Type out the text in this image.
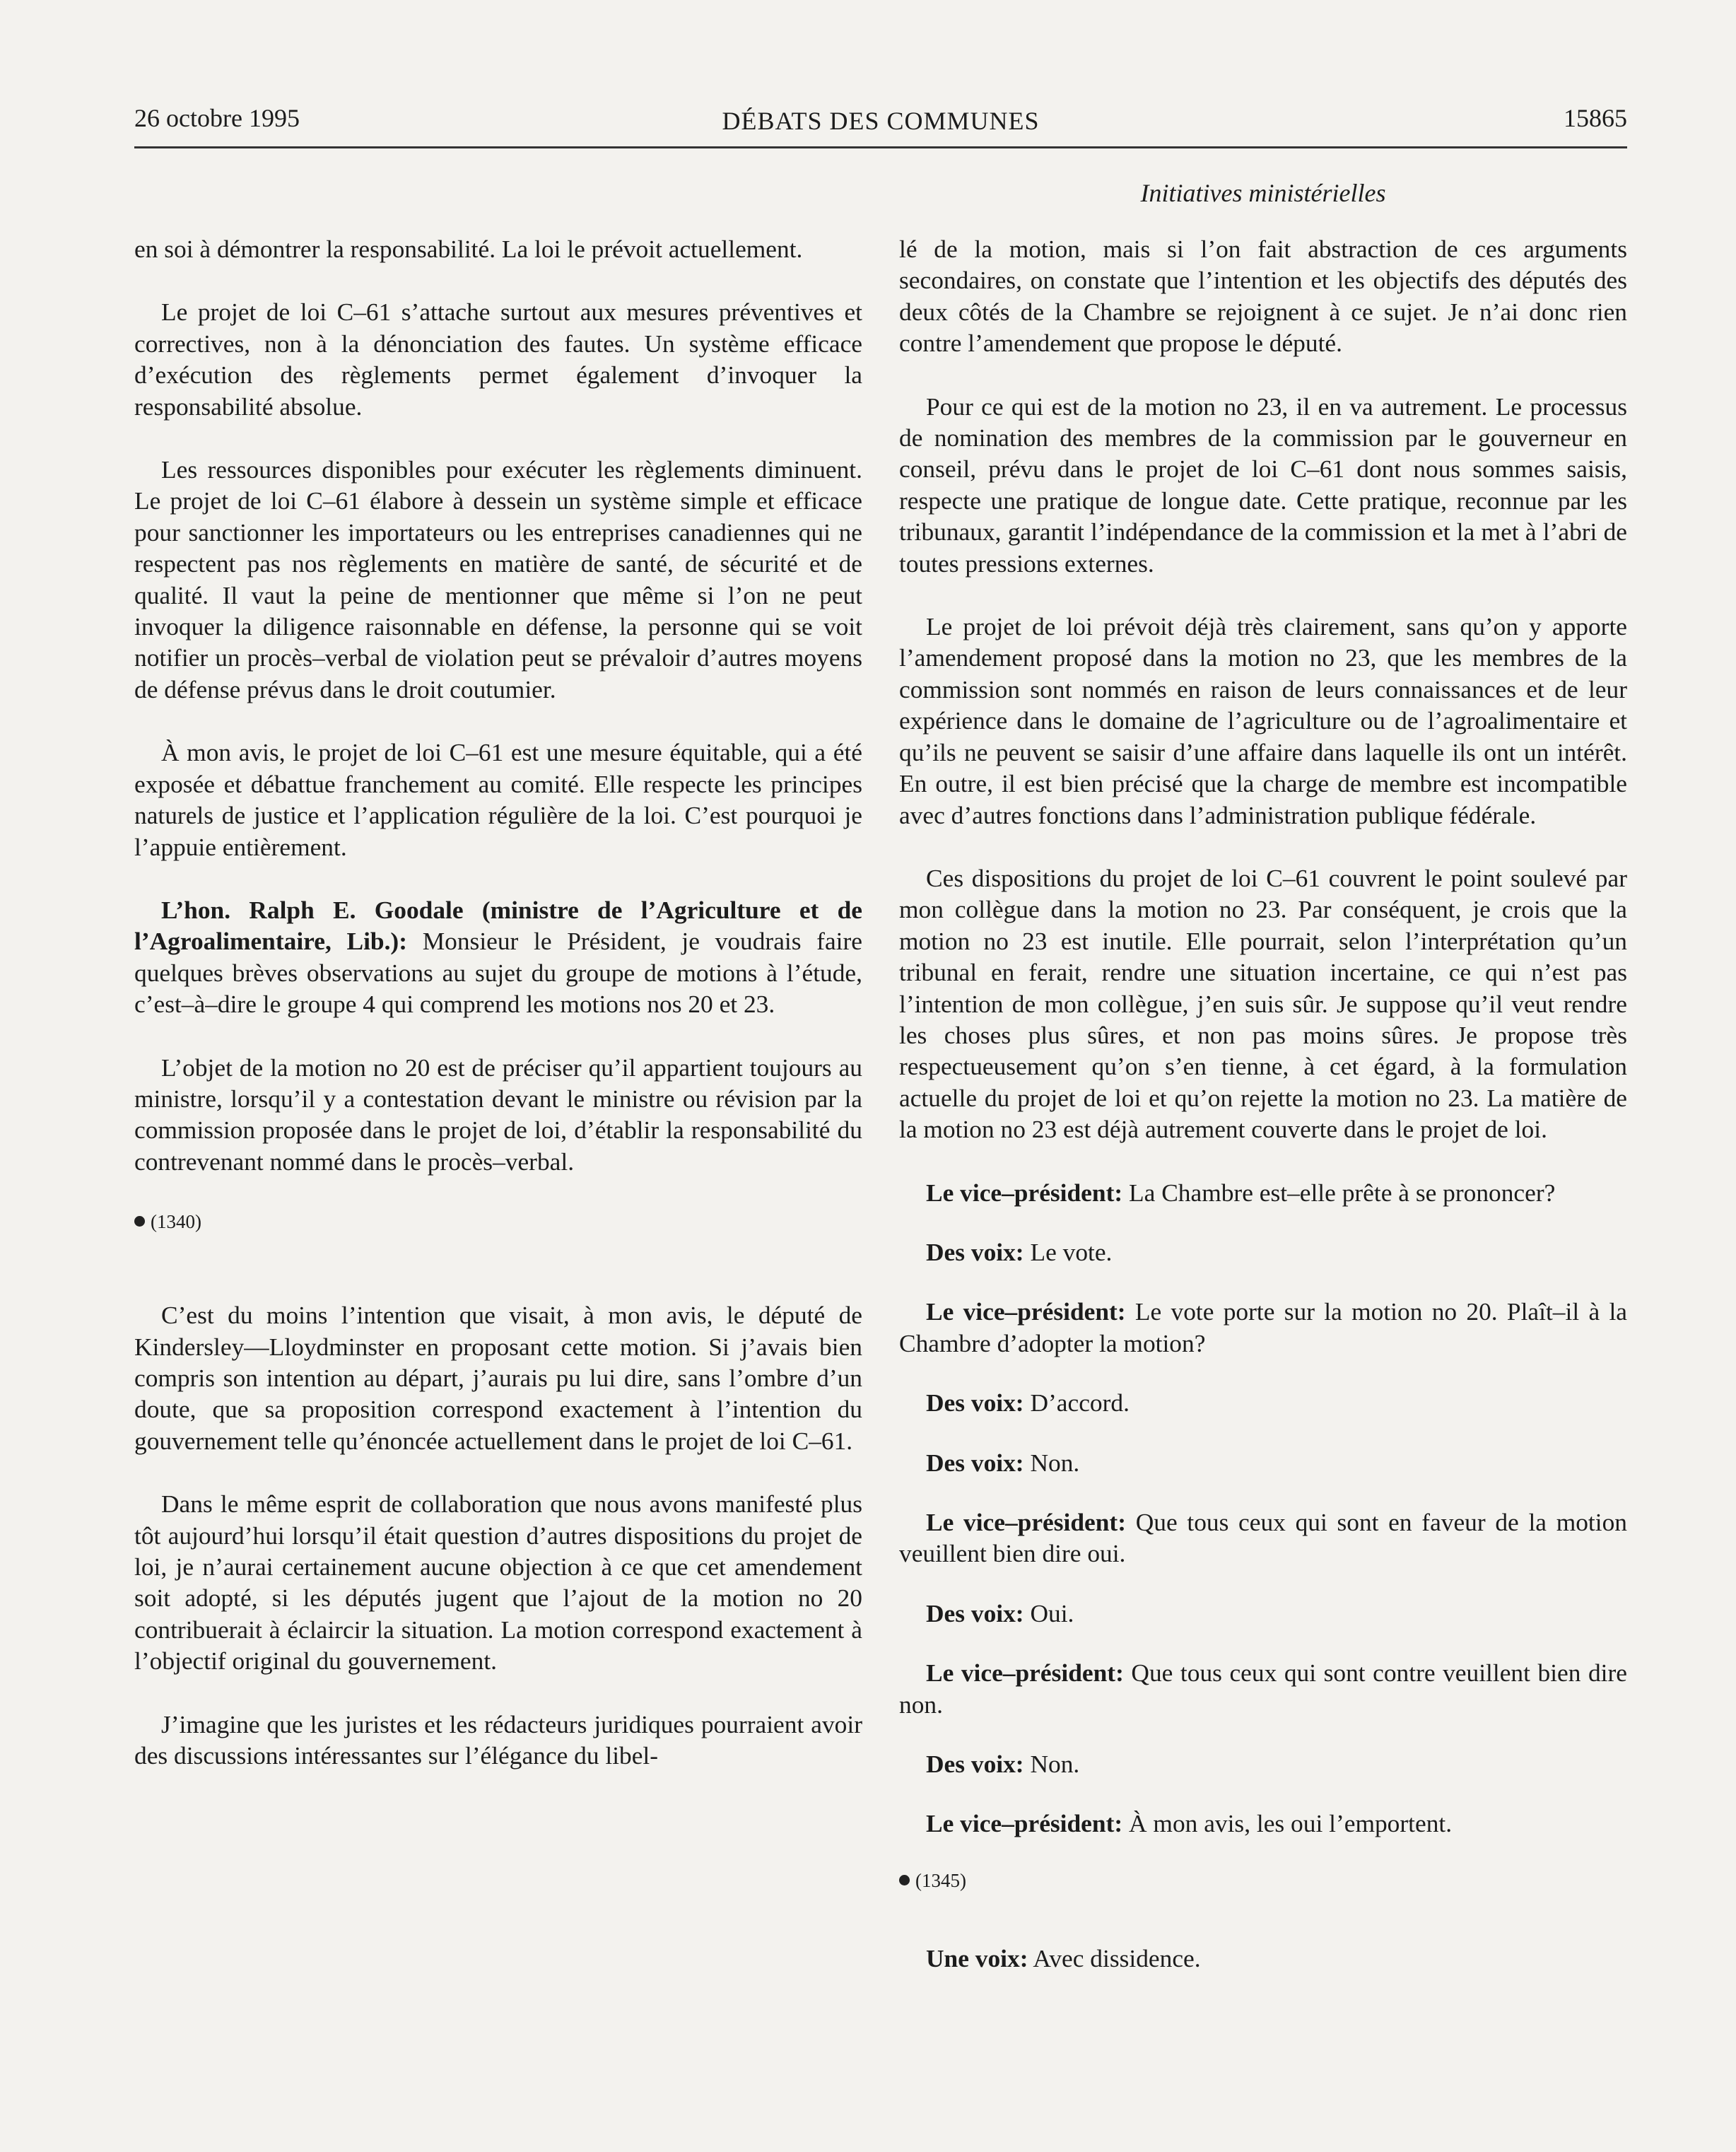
26 octobre 1995	DÉBATS DES COMMUNES	15865
Initiatives ministérielles

en soi à démontrer la responsabilité. La loi le prévoit actuellement.

Le projet de loi C–61 s’attache surtout aux mesures préventives et correctives, non à la dénonciation des fautes. Un système efficace d’exécution des règlements permet également d’invoquer la responsabilité absolue.

Les ressources disponibles pour exécuter les règlements diminuent. Le projet de loi C–61 élabore à dessein un système simple et efficace pour sanctionner les importateurs ou les entreprises canadiennes qui ne respectent pas nos règlements en matière de santé, de sécurité et de qualité. Il vaut la peine de mentionner que même si l’on ne peut invoquer la diligence raisonnable en défense, la personne qui se voit notifier un procès–verbal de violation peut se prévaloir d’autres moyens de défense prévus dans le droit coutumier.

À mon avis, le projet de loi C–61 est une mesure équitable, qui a été exposée et débattue franchement au comité. Elle respecte les principes naturels de justice et l’application régulière de la loi. C’est pourquoi je l’appuie entièrement.

L’hon. Ralph E. Goodale (ministre de l’Agriculture et de l’Agroalimentaire, Lib.): Monsieur le Président, je voudrais faire quelques brèves observations au sujet du groupe de motions à l’étude, c’est–à–dire le groupe 4 qui comprend les motions nos 20 et 23.

L’objet de la motion no 20 est de préciser qu’il appartient toujours au ministre, lorsqu’il y a contestation devant le ministre ou révision par la commission proposée dans le projet de loi, d’établir la responsabilité du contrevenant nommé dans le procès–verbal.

(1340)

C’est du moins l’intention que visait, à mon avis, le député de Kindersley—Lloydminster en proposant cette motion. Si j’avais bien compris son intention au départ, j’aurais pu lui dire, sans l’ombre d’un doute, que sa proposition correspond exactement à l’intention du gouvernement telle qu’énoncée actuellement dans le projet de loi C–61.

Dans le même esprit de collaboration que nous avons manifesté plus tôt aujourd’hui lorsqu’il était question d’autres dispositions du projet de loi, je n’aurai certainement aucune objection à ce que cet amendement soit adopté, si les députés jugent que l’ajout de la motion no 20 contribuerait à éclaircir la situation. La motion correspond exactement à l’objectif original du gouvernement.

J’imagine que les juristes et les rédacteurs juridiques pourraient avoir des discussions intéressantes sur l’élégance du libel-

lé de la motion, mais si l’on fait abstraction de ces arguments secondaires, on constate que l’intention et les objectifs des députés des deux côtés de la Chambre se rejoignent à ce sujet. Je n’ai donc rien contre l’amendement que propose le député.

Pour ce qui est de la motion no 23, il en va autrement. Le processus de nomination des membres de la commission par le gouverneur en conseil, prévu dans le projet de loi C–61 dont nous sommes saisis, respecte une pratique de longue date. Cette pratique, reconnue par les tribunaux, garantit l’indépendance de la commission et la met à l’abri de toutes pressions externes.

Le projet de loi prévoit déjà très clairement, sans qu’on y apporte l’amendement proposé dans la motion no 23, que les membres de la commission sont nommés en raison de leurs connaissances et de leur expérience dans le domaine de l’agriculture ou de l’agroalimentaire et qu’ils ne peuvent se saisir d’une affaire dans laquelle ils ont un intérêt. En outre, il est bien précisé que la charge de membre est incompatible avec d’autres fonctions dans l’administration publique fédérale.

Ces dispositions du projet de loi C–61 couvrent le point soulevé par mon collègue dans la motion no 23. Par conséquent, je crois que la motion no 23 est inutile. Elle pourrait, selon l’interprétation qu’un tribunal en ferait, rendre une situation incertaine, ce qui n’est pas l’intention de mon collègue, j’en suis sûr. Je suppose qu’il veut rendre les choses plus sûres, et non pas moins sûres. Je propose très respectueusement qu’on s’en tienne, à cet égard, à la formulation actuelle du projet de loi et qu’on rejette la motion no 23. La matière de la motion no 23 est déjà autrement couverte dans le projet de loi.

Le vice–président: La Chambre est–elle prête à se prononcer?

Des voix: Le vote.

Le vice–président: Le vote porte sur la motion no 20. Plaît–il à la Chambre d’adopter la motion?

Des voix: D’accord.

Des voix: Non.

Le vice–président: Que tous ceux qui sont en faveur de la motion veuillent bien dire oui.

Des voix: Oui.

Le vice–président: Que tous ceux qui sont contre veuillent bien dire non.

Des voix: Non.

Le vice–président: À mon avis, les oui l’emportent.

(1345)

Une voix: Avec dissidence.
